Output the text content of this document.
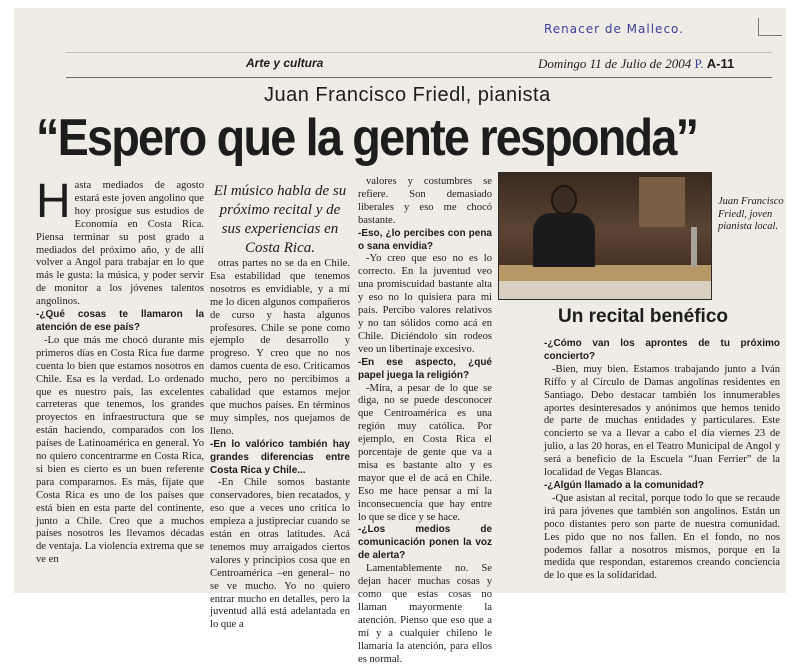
Renacer de Malleco.
Arte y cultura	Domingo 11 de Julio de 2004 P. A-11
Juan Francisco Friedl, pianista
“Espero que la gente responda”
H asta mediados de agosto estará este joven angolino que hoy prosigue sus estudios de Economía en Costa Rica. Piensa terminar su post grado a mediados del próximo año, y de allí volver a Angol para trabajar en lo que más le gusta: la música, y poder servir de monitor a los jóvenes talentos angolinos.

-¿Qué cosas te llamaron la atención de ese país?

-Lo que más me chocó durante mis primeros días en Costa Rica fue darme cuenta lo bien que estamos nosotros en Chile. Esa es la verdad. Lo ordenado que es nuestro país, las excelentes carreteras que tenemos, los grandes proyectos en infraestructura que se están haciendo, comparados con los países de Latinoamérica en general. Yo no quiero concentrarme en Costa Rica, si bien es cierto es un buen referente para compararnos. Es más, fíjate que Costa Rica es uno de los países que está bien en esta parte del continente, junto a Chile. Creo que a muchos países nosotros les llevamos décadas de ventaja. La violencia extrema que se ve en

El músico habla de su próximo recital y de sus experiencias en Costa Rica.

otras partes no se da en Chile. Esa estabilidad que tenemos nosotros es envidiable, y a mí me lo dicen algunos compañeros de curso y hasta algunos profesores. Chile se pone como ejemplo de desarrollo y progreso. Y creo que no nos damos cuenta de eso. Criticamos mucho, pero no percibimos a cabalidad que estamos mejor que muchos países. En términos muy simples, nos quejamos de lleno.

-En lo valórico también hay grandes diferencias entre Costa Rica y Chile...

-En Chile somos bastante conservadores, bien recatados, y eso que a veces uno critica lo empieza a justipreciar cuando se están en otras latitudes. Acá tenemos muy arraigados ciertos valores y principios cosa que en Centroamérica –en general– no se ve mucho. Yo no quiero entrar mucho en detalles, pero la juventud allá está adelantada en lo que a

valores y costumbres se refiere. Son demasiado liberales y eso me chocó bastante.

-Eso, ¿lo percibes con pena o sana envidia?

-Yo creo que eso no es lo correcto. En la juventud veo una promiscuidad bastante alta y eso no lo quisiera para mi país. Percibo valores relativos y no tan sólidos como acá en Chile. Diciéndolo sin rodeos veo un libertinaje excesivo.

-En ese aspecto, ¿qué papel juega la religión?

-Mira, a pesar de lo que se diga, no se puede desconocer que Centroamérica es una región muy católica. Por ejemplo, en Costa Rica el porcentaje de gente que va a misa es bastante alto y es mayor que el de acá en Chile. Eso me hace pensar a mí la inconsecuencia que hay entre lo que se dice y se hace.

-¿Los medios de comunicación ponen la voz de alerta?

Lamentablemente no. Se dejan hacer muchas cosas y como que estas cosas no llaman mayormente la atención. Pienso que eso que a mí y a cualquier chileno le llamaría la atención, para ellos es normal.

Juan Francisco Friedl, joven pianista local.
Un recital benéfico

-¿Cómo van los aprontes de tu próximo concierto?

-Bien, muy bien. Estamos trabajando junto a Iván Riffo y al Círculo de Damas angolinas residentes en Santiago. Debo destacar también los innumerables aportes desinteresados y anónimos que hemos tenido de parte de muchas entidades y particulares. Este concierto se va a llevar a cabo el día viernes 23 de julio, a las 20 horas, en el Teatro Municipal de Angol y será a beneficio de la Escuela “Juan Ferrier” de la localidad de Vegas Blancas.

-¿Algún llamado a la comunidad?

-Que asistan al recital, porque todo lo que se recaude irá para jóvenes que también son angolinos. Están un poco distantes pero son parte de nuestra comunidad. Les pido que no nos fallen. En el fondo, no nos podemos fallar a nosotros mismos, porque en la medida que respondan, estaremos creando conciencia de lo que es la solidaridad.
